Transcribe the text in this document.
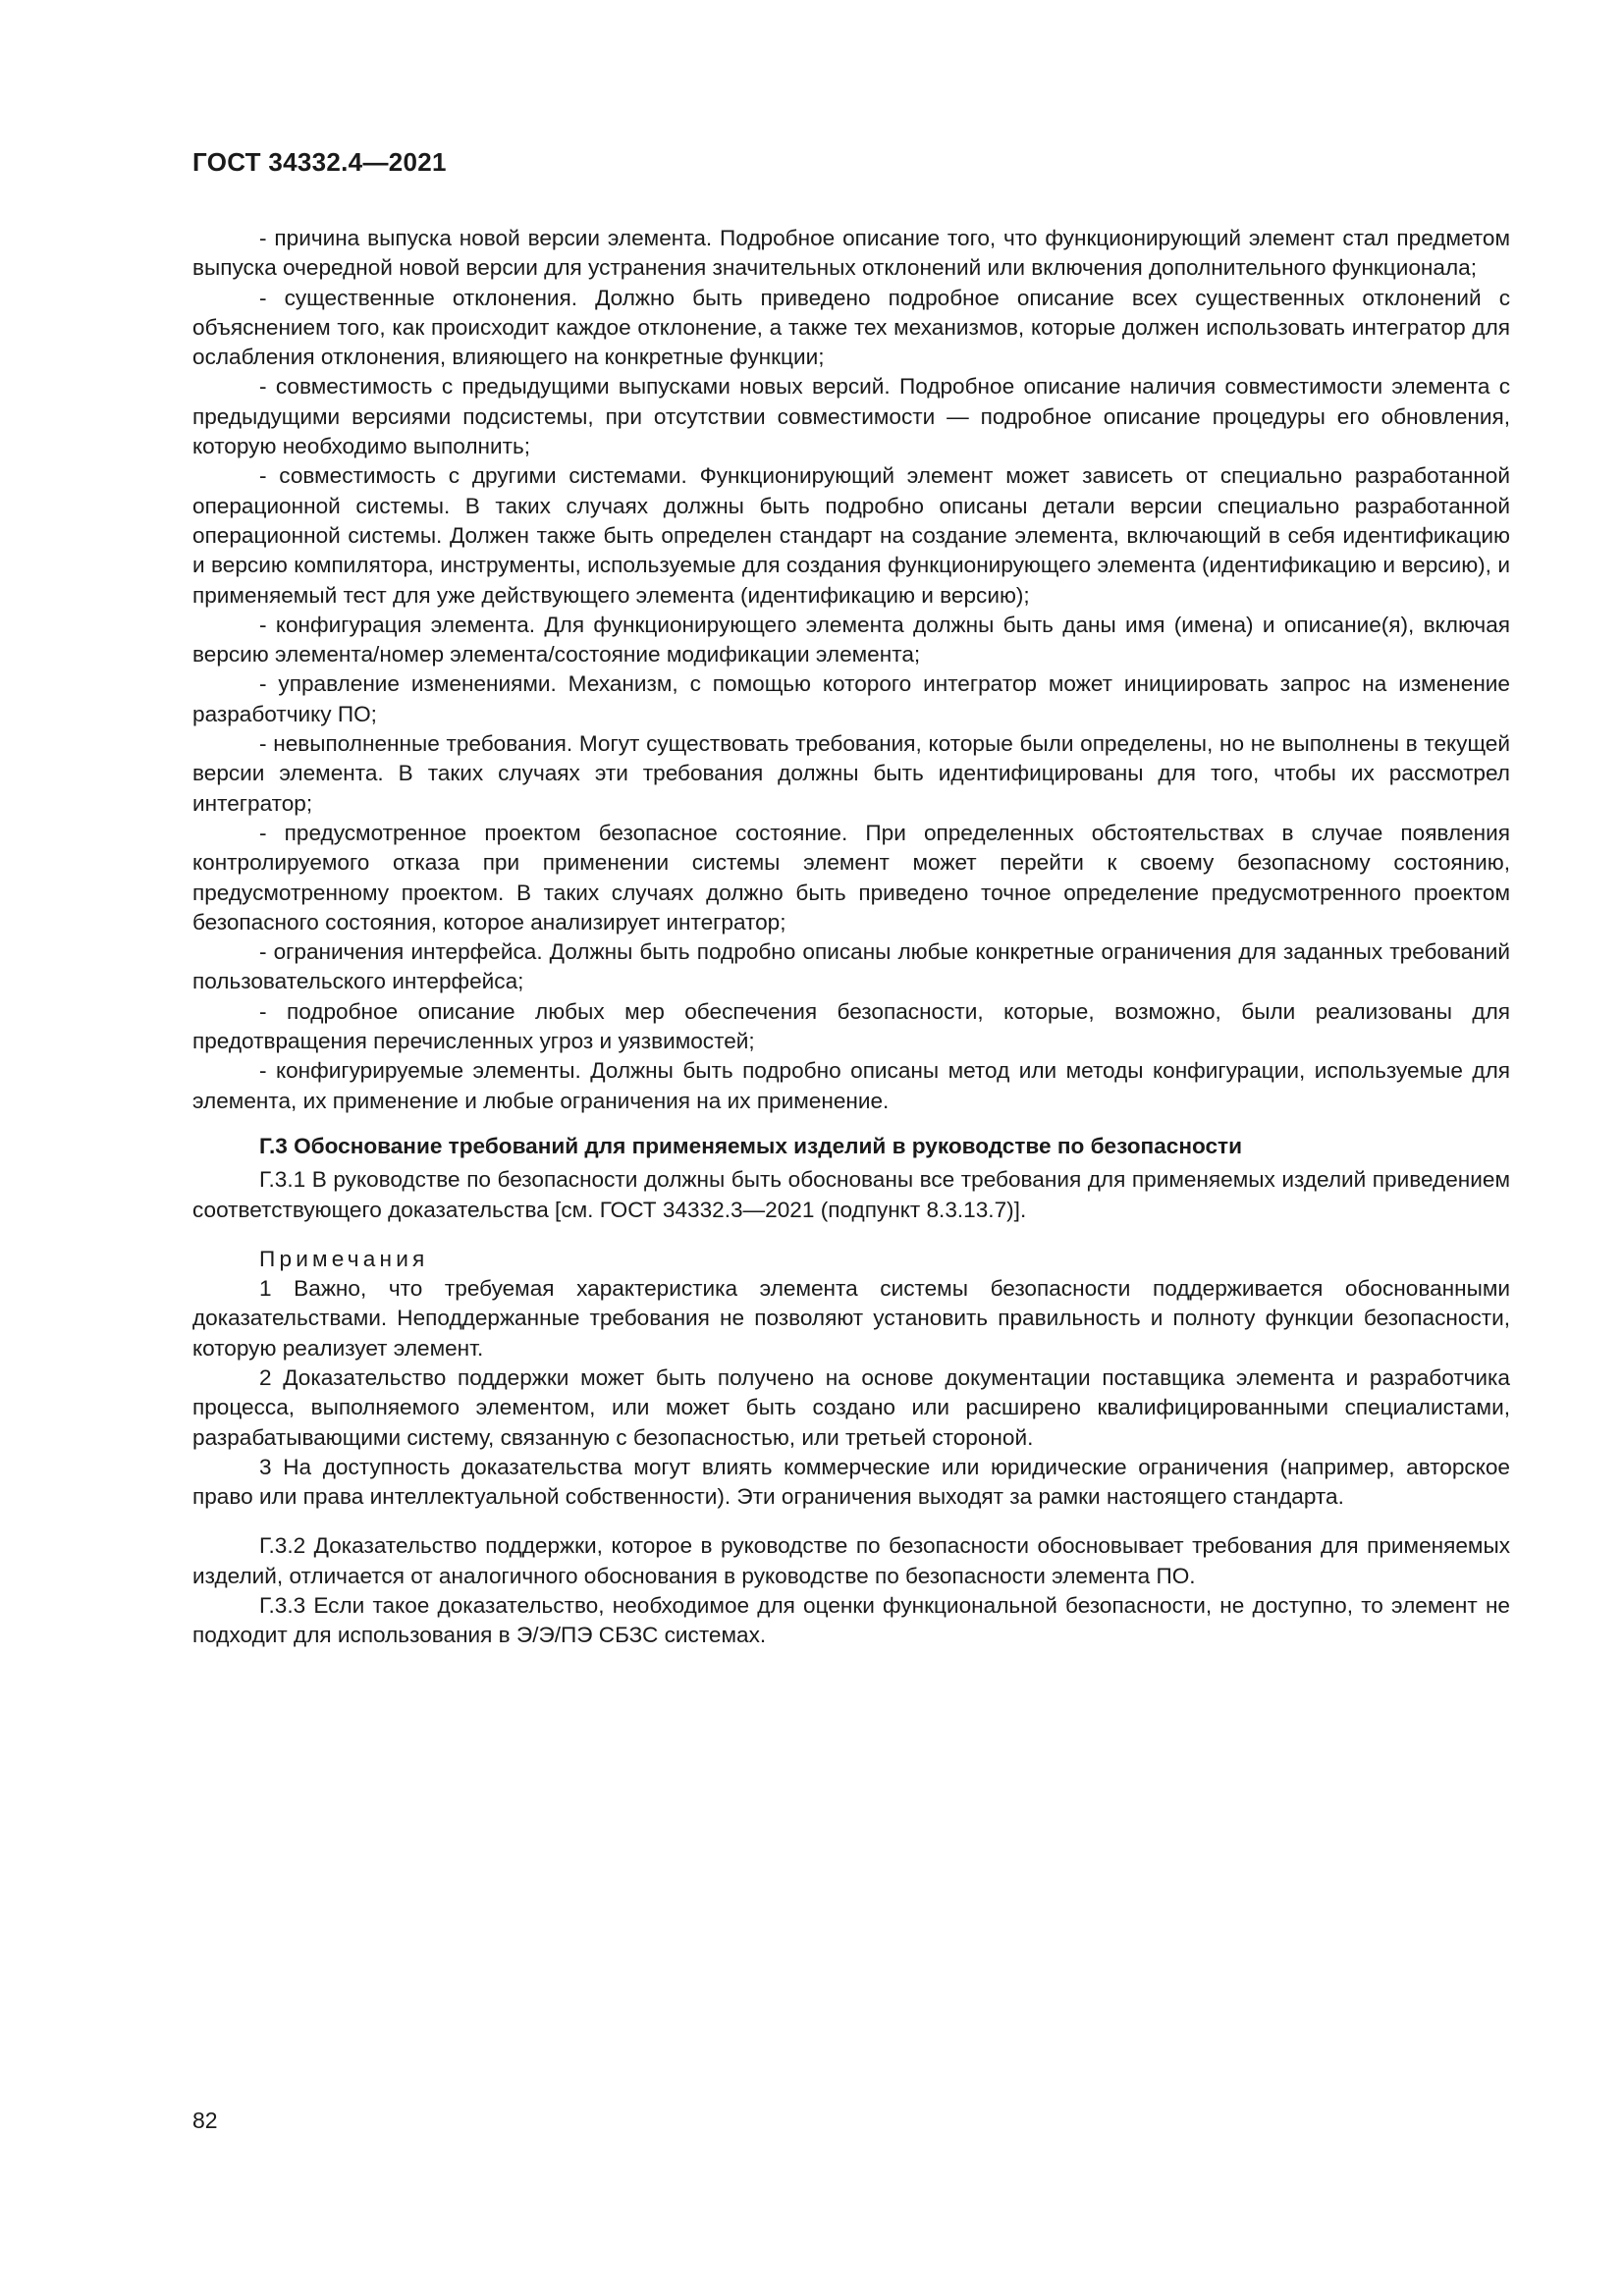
ГОСТ 34332.4—2021

- причина выпуска новой версии элемента. Подробное описание того, что функционирующий элемент стал предметом выпуска очередной новой версии для устранения значительных отклонений или включения дополнительного функционала;

- существенные отклонения. Должно быть приведено подробное описание всех существенных отклонений с объяснением того, как происходит каждое отклонение, а также тех механизмов, которые должен использовать интегратор для ослабления отклонения, влияющего на конкретные функции;

- совместимость с предыдущими выпусками новых версий. Подробное описание наличия совместимости элемента с предыдущими версиями подсистемы, при отсутствии совместимости — подробное описание процедуры его обновления, которую необходимо выполнить;

- совместимость с другими системами. Функционирующий элемент может зависеть от специально разработанной операционной системы. В таких случаях должны быть подробно описаны детали версии специально разработанной операционной системы. Должен также быть определен стандарт на создание элемента, включающий в себя идентификацию и версию компилятора, инструменты, используемые для создания функционирующего элемента (идентификацию и версию), и применяемый тест для уже действующего элемента (идентификацию и версию);

- конфигурация элемента. Для функционирующего элемента должны быть даны имя (имена) и описание(я), включая версию элемента/номер элемента/состояние модификации элемента;

- управление изменениями. Механизм, с помощью которого интегратор может инициировать запрос на изменение разработчику ПО;

- невыполненные требования. Могут существовать требования, которые были определены, но не выполнены в текущей версии элемента. В таких случаях эти требования должны быть идентифицированы для того, чтобы их рассмотрел интегратор;

- предусмотренное проектом безопасное состояние. При определенных обстоятельствах в случае появления контролируемого отказа при применении системы элемент может перейти к своему безопасному состоянию, предусмотренному проектом. В таких случаях должно быть приведено точное определение предусмотренного проектом безопасного состояния, которое анализирует интегратор;

- ограничения интерфейса. Должны быть подробно описаны любые конкретные ограничения для заданных требований пользовательского интерфейса;

- подробное описание любых мер обеспечения безопасности, которые, возможно, были реализованы для предотвращения перечисленных угроз и уязвимостей;

- конфигурируемые элементы. Должны быть подробно описаны метод или методы конфигурации, используемые для элемента, их применение и любые ограничения на их применение.

Г.3 Обоснование требований для применяемых изделий в руководстве по безопасности

Г.3.1 В руководстве по безопасности должны быть обоснованы все требования для применяемых изделий приведением соответствующего доказательства [см. ГОСТ 34332.3—2021 (подпункт 8.3.13.7)].

Примечания

1 Важно, что требуемая характеристика элемента системы безопасности поддерживается обоснованными доказательствами. Неподдержанные требования не позволяют установить правильность и полноту функции безопасности, которую реализует элемент.

2 Доказательство поддержки может быть получено на основе документации поставщика элемента и разработчика процесса, выполняемого элементом, или может быть создано или расширено квалифицированными специалистами, разрабатывающими систему, связанную с безопасностью, или третьей стороной.

3 На доступность доказательства могут влиять коммерческие или юридические ограничения (например, авторское право или права интеллектуальной собственности). Эти ограничения выходят за рамки настоящего стандарта.

Г.3.2 Доказательство поддержки, которое в руководстве по безопасности обосновывает требования для применяемых изделий, отличается от аналогичного обоснования в руководстве по безопасности элемента ПО.

Г.3.3 Если такое доказательство, необходимое для оценки функциональной безопасности, не доступно, то элемент не подходит для использования в Э/Э/ПЭ СБЗС системах.

82
